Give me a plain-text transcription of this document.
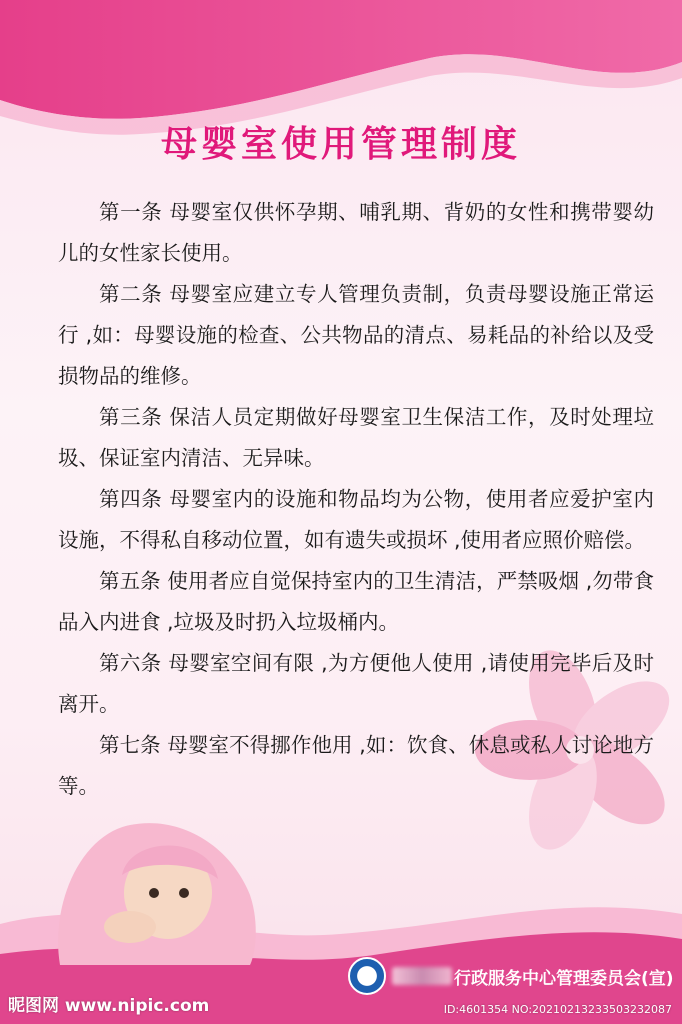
母婴室使用管理制度

第一条 母婴室仅供怀孕期、哺乳期、背奶的女性和携带婴幼儿的女性家长使用。

第二条 母婴室应建立专人管理负责制，负责母婴设施正常运行 ,如：母婴设施的检查、公共物品的清点、易耗品的补给以及受损物品的维修。

第三条 保洁人员定期做好母婴室卫生保洁工作，及时处理垃圾、保证室内清洁、无异味。

第四条 母婴室内的设施和物品均为公物，使用者应爱护室内设施，不得私自移动位置，如有遗失或损坏 ,使用者应照价赔偿。

第五条 使用者应自觉保持室内的卫生清洁，严禁吸烟 ,勿带食品入内进食 ,垃圾及时扔入垃圾桶内。

第六条 母婴室空间有限 ,为方便他人使用 ,请使用完毕后及时离开。

第七条 母婴室不得挪作他用 ,如：饮食、休息或私人讨论地方等。

行政服务中心管理委员会 (宣)
昵图网 www.nipic.com	ID:4601354 NO:20210213233503232087
